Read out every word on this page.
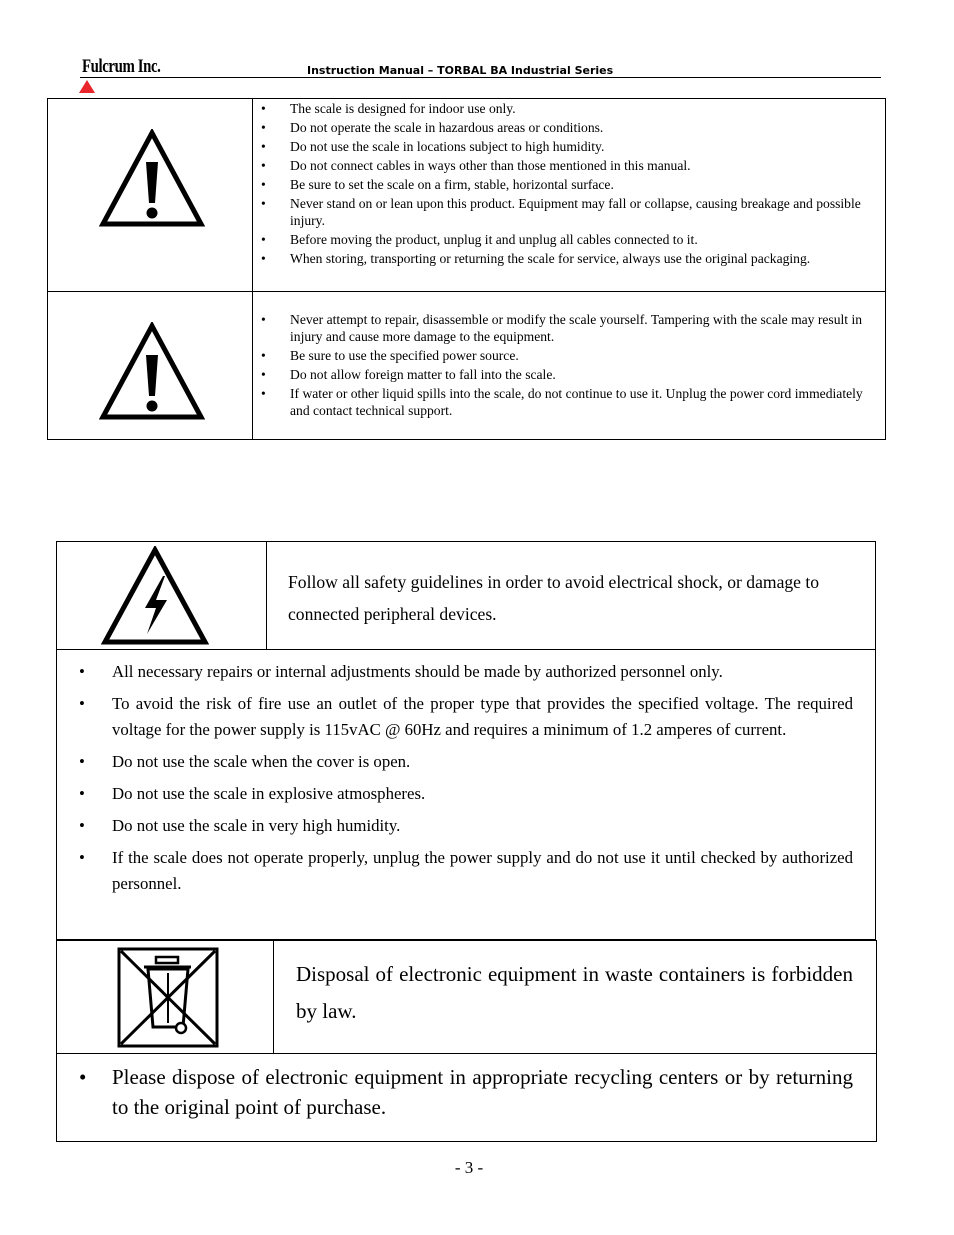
Fulcrum Inc.	Instruction Manual – TORBAL BA Industrial Series
• The scale is designed for indoor use only.
• Do not operate the scale in hazardous areas or conditions.
• Do not use the scale in locations subject to high humidity.
• Do not connect cables in ways other than those mentioned in this manual.
• Be sure to set the scale on a firm, stable, horizontal surface.
• Never stand on or lean upon this product. Equipment may fall or collapse, causing breakage and possible injury.
• Before moving the product, unplug it and unplug all cables connected to it.
• When storing, transporting or returning the scale for service, always use the original packaging.
• Never attempt to repair, disassemble or modify the scale yourself. Tampering with the scale may result in injury and cause more damage to the equipment.
• Be sure to use the specified power source.
• Do not allow foreign matter to fall into the scale.
• If water or other liquid spills into the scale, do not continue to use it. Unplug the power cord immediately and contact technical support.
Follow all safety guidelines in order to avoid electrical shock, or damage to connected peripheral devices.
• All necessary repairs or internal adjustments should be made by authorized personnel only.
• To avoid the risk of fire use an outlet of the proper type that provides the specified voltage. The required voltage for the power supply is 115vAC @ 60Hz and requires a minimum of 1.2 amperes of current.
• Do not use the scale when the cover is open.
• Do not use the scale in explosive atmospheres.
• Do not use the scale in very high humidity.
• If the scale does not operate properly, unplug the power supply and do not use it until checked by authorized personnel.
Disposal of electronic equipment in waste containers is forbidden by law.
• Please dispose of electronic equipment in appropriate recycling centers or by returning to the original point of purchase.
- 3 -
